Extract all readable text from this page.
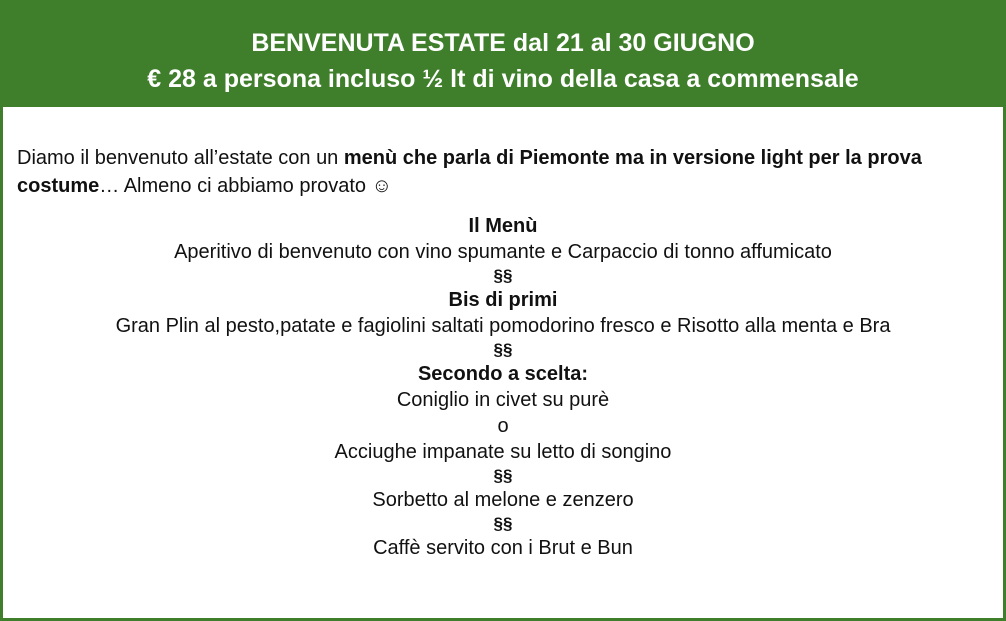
BENVENUTA ESTATE dal 21 al 30 GIUGNO
€ 28 a persona incluso ½ lt di vino della casa a commensale
Diamo il benvenuto all’estate con un menù che parla di Piemonte ma in versione light per la prova costume… Almeno ci abbiamo provato ☺
Il Menù
Aperitivo di benvenuto con vino spumante e Carpaccio di tonno affumicato
§§
Bis di primi
Gran Plin al pesto,patate e fagiolini saltati pomodorino fresco e Risotto alla menta e Bra
§§
Secondo a scelta:
Coniglio in civet su purè
o
Acciughe impanate su letto di songino
§§
Sorbetto al melone e zenzero
§§
Caffè servito con i Brut e Bun
